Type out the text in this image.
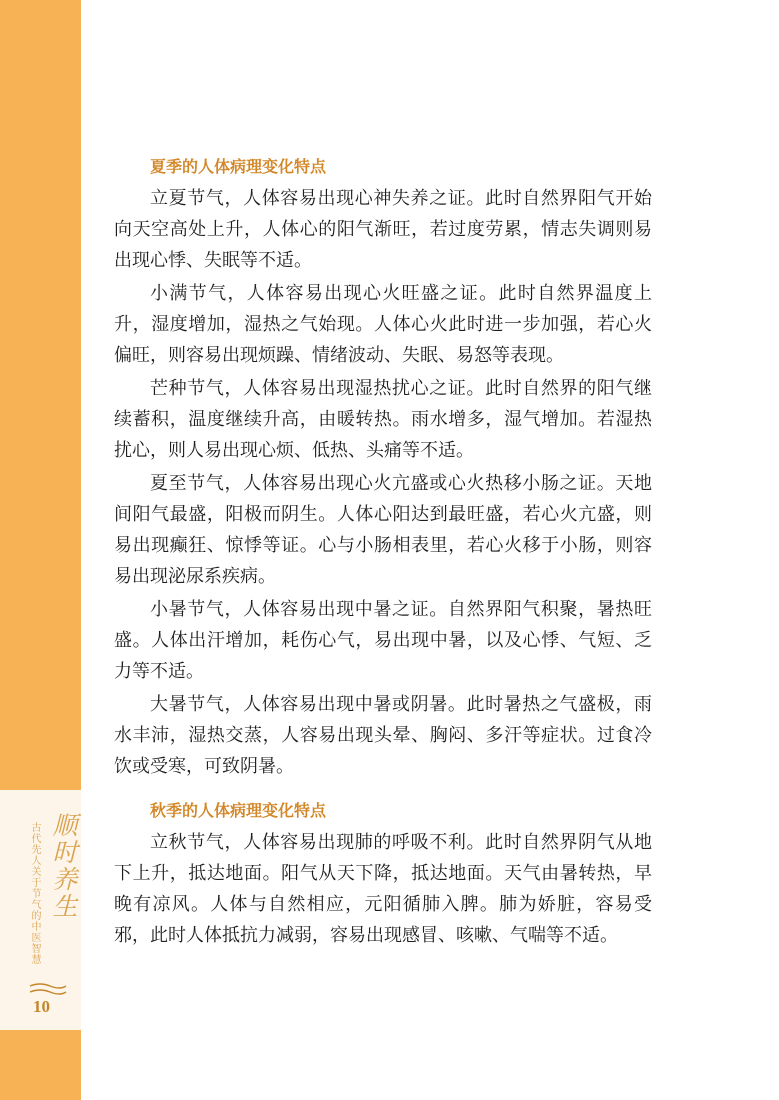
顺时养生
古代先人关于节气的中医智慧
10
夏季的人体病理变化特点

立夏节气，人体容易出现心神失养之证。此时自然界阳气开始向天空高处上升，人体心的阳气渐旺，若过度劳累，情志失调则易出现心悸、失眠等不适。

小满节气，人体容易出现心火旺盛之证。此时自然界温度上升，湿度增加，湿热之气始现。人体心火此时进一步加强，若心火偏旺，则容易出现烦躁、情绪波动、失眠、易怒等表现。

芒种节气，人体容易出现湿热扰心之证。此时自然界的阳气继续蓄积，温度继续升高，由暖转热。雨水增多，湿气增加。若湿热扰心，则人易出现心烦、低热、头痛等不适。

夏至节气，人体容易出现心火亢盛或心火热移小肠之证。天地间阳气最盛，阳极而阴生。人体心阳达到最旺盛，若心火亢盛，则易出现癫狂、惊悸等证。心与小肠相表里，若心火移于小肠，则容易出现泌尿系疾病。

小暑节气，人体容易出现中暑之证。自然界阳气积聚，暑热旺盛。人体出汗增加，耗伤心气，易出现中暑，以及心悸、气短、乏力等不适。

大暑节气，人体容易出现中暑或阴暑。此时暑热之气盛极，雨水丰沛，湿热交蒸，人容易出现头晕、胸闷、多汗等症状。过食冷饮或受寒，可致阴暑。

秋季的人体病理变化特点

立秋节气，人体容易出现肺的呼吸不利。此时自然界阴气从地下上升，抵达地面。阳气从天下降，抵达地面。天气由暑转热，早晚有凉风。人体与自然相应，元阳循肺入脾。肺为娇脏，容易受邪，此时人体抵抗力减弱，容易出现感冒、咳嗽、气喘等不适。
